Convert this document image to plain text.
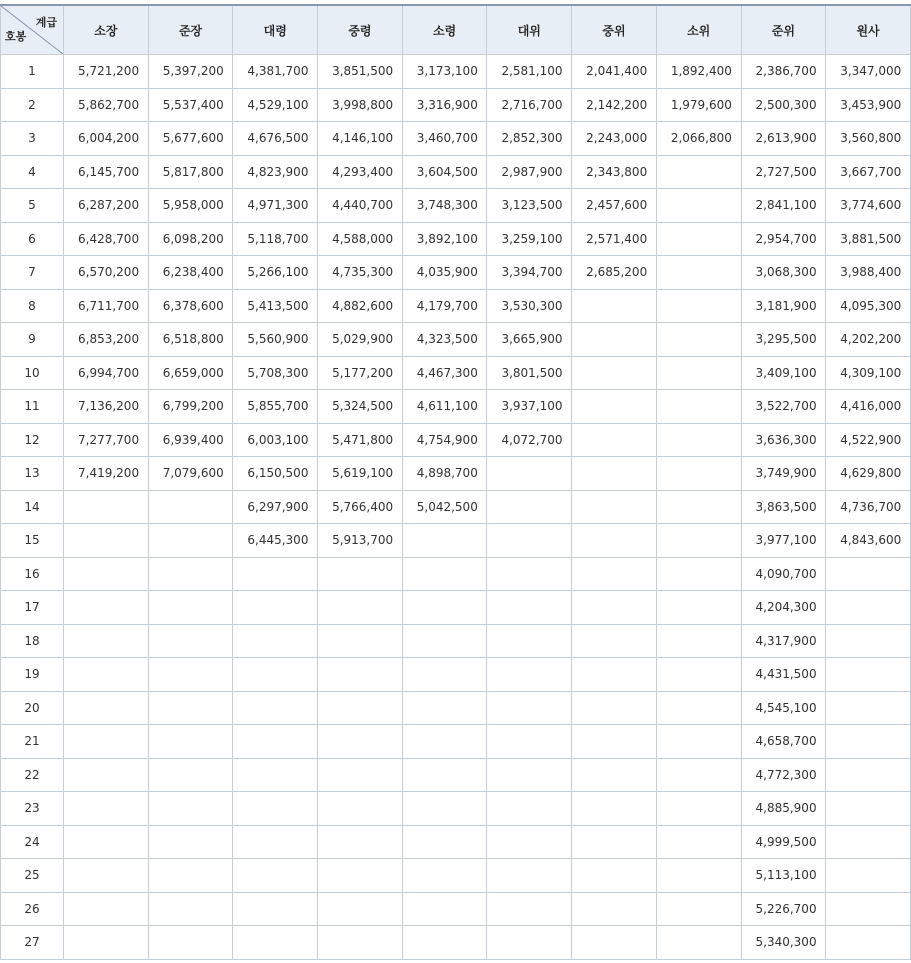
계급
호봉	소장	준장	대령	중령	소령	대위	중위	소위	준위	원사
1	5,721,200	5,397,200	4,381,700	3,851,500	3,173,100	2,581,100	2,041,400	1,892,400	2,386,700	3,347,000
2	5,862,700	5,537,400	4,529,100	3,998,800	3,316,900	2,716,700	2,142,200	1,979,600	2,500,300	3,453,900
3	6,004,200	5,677,600	4,676,500	4,146,100	3,460,700	2,852,300	2,243,000	2,066,800	2,613,900	3,560,800
4	6,145,700	5,817,800	4,823,900	4,293,400	3,604,500	2,987,900	2,343,800		2,727,500	3,667,700
5	6,287,200	5,958,000	4,971,300	4,440,700	3,748,300	3,123,500	2,457,600		2,841,100	3,774,600
6	6,428,700	6,098,200	5,118,700	4,588,000	3,892,100	3,259,100	2,571,400		2,954,700	3,881,500
7	6,570,200	6,238,400	5,266,100	4,735,300	4,035,900	3,394,700	2,685,200		3,068,300	3,988,400
8	6,711,700	6,378,600	5,413,500	4,882,600	4,179,700	3,530,300			3,181,900	4,095,300
9	6,853,200	6,518,800	5,560,900	5,029,900	4,323,500	3,665,900			3,295,500	4,202,200
10	6,994,700	6,659,000	5,708,300	5,177,200	4,467,300	3,801,500			3,409,100	4,309,100
11	7,136,200	6,799,200	5,855,700	5,324,500	4,611,100	3,937,100			3,522,700	4,416,000
12	7,277,700	6,939,400	6,003,100	5,471,800	4,754,900	4,072,700			3,636,300	4,522,900
13	7,419,200	7,079,600	6,150,500	5,619,100	4,898,700				3,749,900	4,629,800
14			6,297,900	5,766,400	5,042,500				3,863,500	4,736,700
15			6,445,300	5,913,700					3,977,100	4,843,600
16									4,090,700	
17									4,204,300	
18									4,317,900	
19									4,431,500	
20									4,545,100	
21									4,658,700	
22									4,772,300	
23									4,885,900	
24									4,999,500	
25									5,113,100	
26									5,226,700	
27									5,340,300	
